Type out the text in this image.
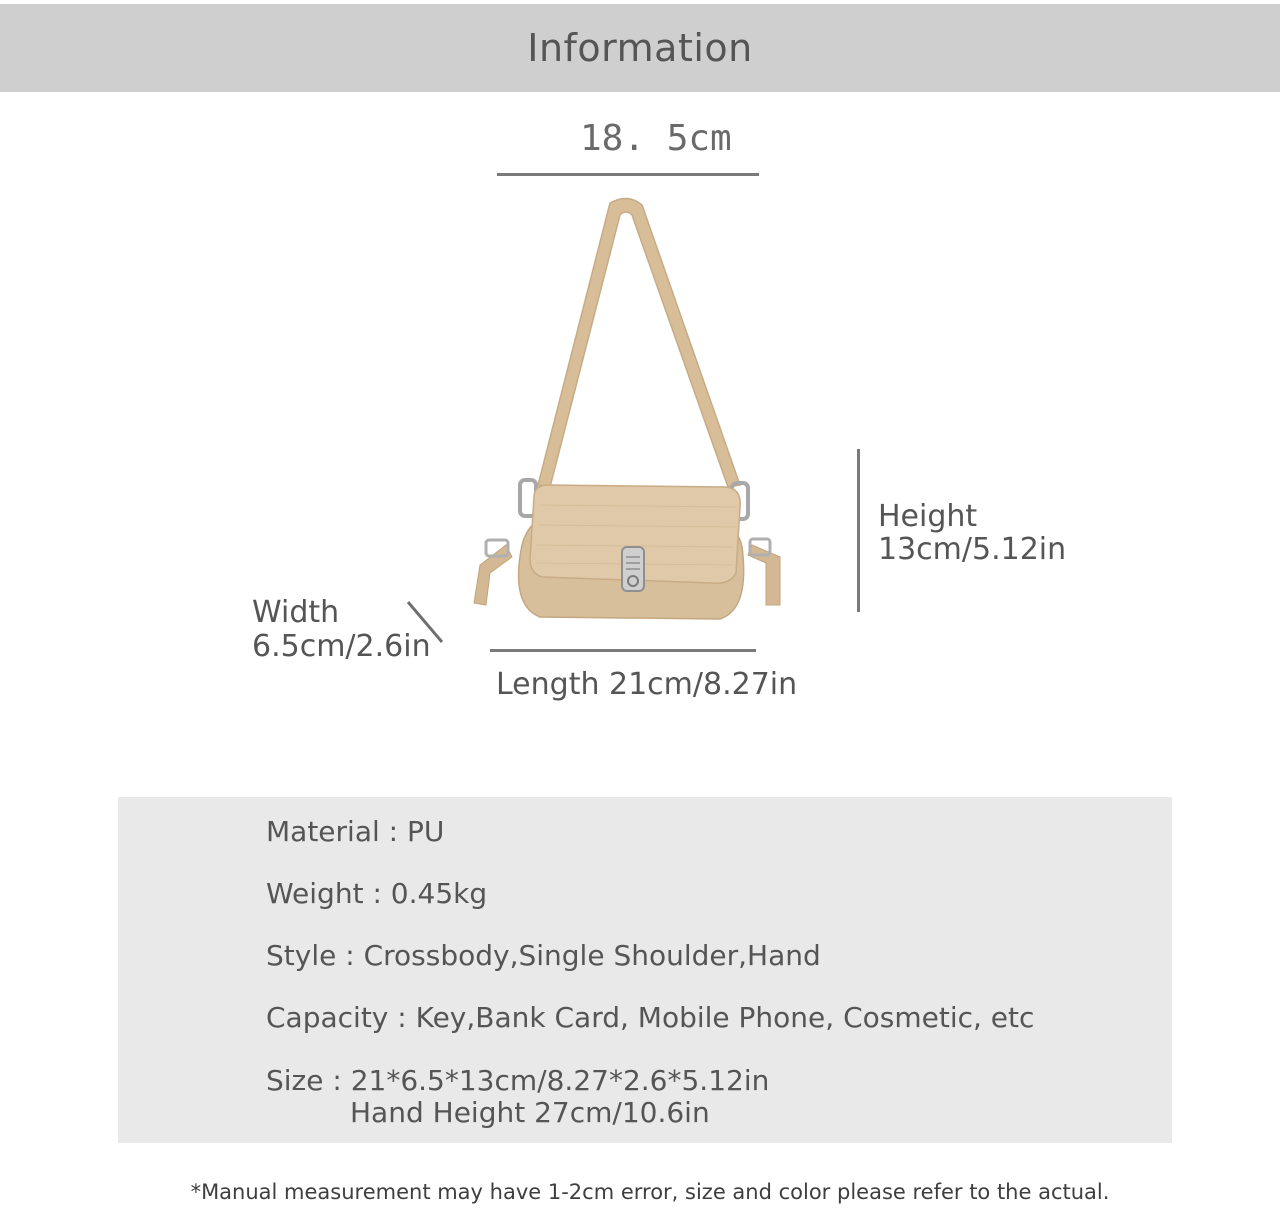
Information
18. 5cm
Height
13cm/5.12in
Width
6.5cm/2.6in
Length 21cm/8.27in
Material : PU
Weight : 0.45kg
Style : Crossbody,Single Shoulder,Hand
Capacity : Key,Bank Card, Mobile Phone, Cosmetic, etc
Size : 21*6.5*13cm/8.27*2.6*5.12in
Hand Height 27cm/10.6in
*Manual measurement may have 1-2cm error, size and color please refer to the actual.
